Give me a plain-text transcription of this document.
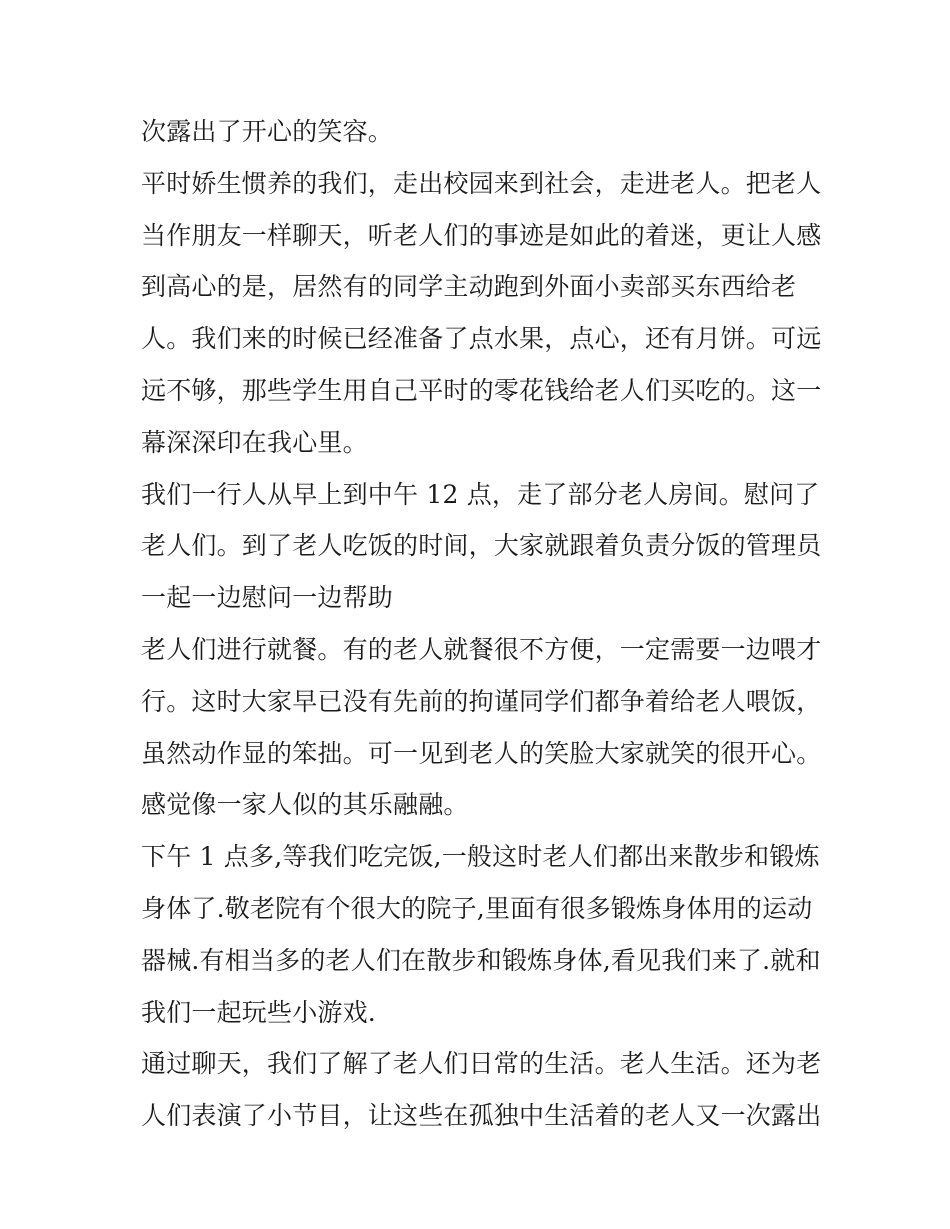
次露出了开心的笑容。
平时娇生惯养的我们，走出校园来到社会，走进老人。把老人
当作朋友一样聊天，听老人们的事迹是如此的着迷，更让人感
到高心的是，居然有的同学主动跑到外面小卖部买东西给老
人。我们来的时候已经准备了点水果，点心，还有月饼。可远
远不够，那些学生用自己平时的零花钱给老人们买吃的。这一
幕深深印在我心里。
我们一行人从早上到中午 12 点，走了部分老人房间。慰问了
老人们。到了老人吃饭的时间，大家就跟着负责分饭的管理员
一起一边慰问一边帮助
老人们进行就餐。有的老人就餐很不方便，一定需要一边喂才
行。这时大家早已没有先前的拘谨同学们都争着给老人喂饭，
虽然动作显的笨拙。可一见到老人的笑脸大家就笑的很开心。
感觉像一家人似的其乐融融。
下午 1 点多,等我们吃完饭,一般这时老人们都出来散步和锻炼
身体了.敬老院有个很大的院子,里面有很多锻炼身体用的运动
器械.有相当多的老人们在散步和锻炼身体,看见我们来了.就和
我们一起玩些小游戏.
通过聊天，我们了解了老人们日常的生活。老人生活。还为老
人们表演了小节目，让这些在孤独中生活着的老人又一次露出
